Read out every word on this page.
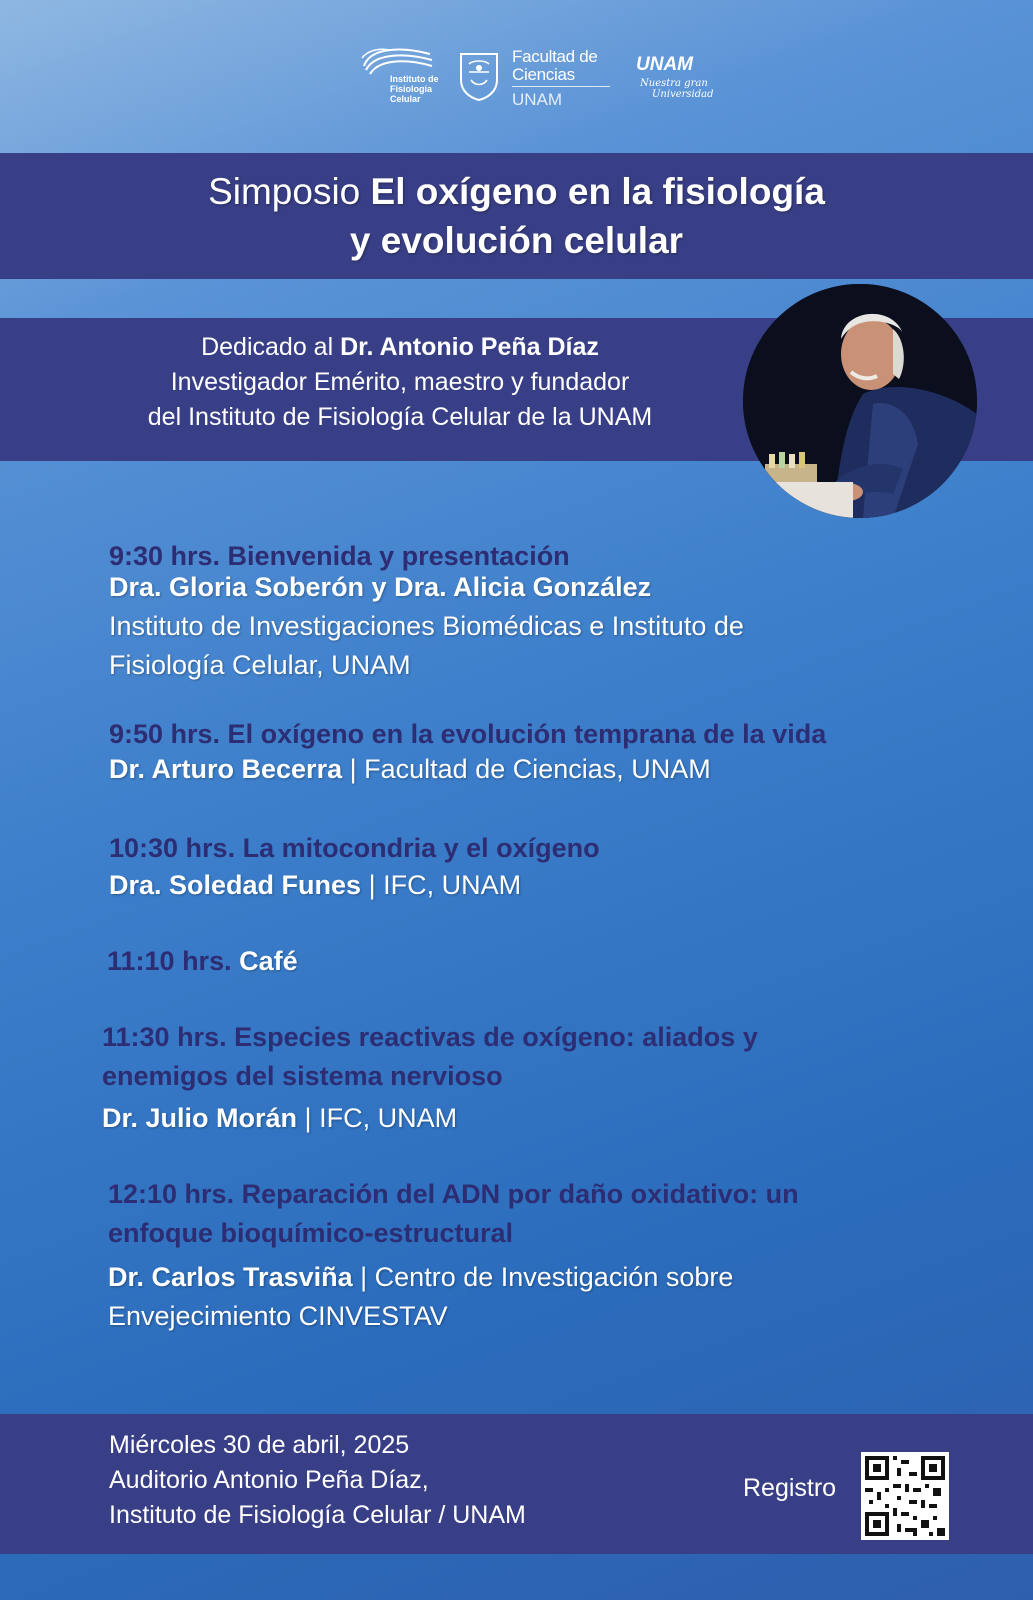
Instituto de Fisiología Celular
Facultad de
Ciencias
UNAM
UNAM
Nuestra gran
Universidad
Simposio El oxígeno en la fisiología
y evolución celular
Dedicado al Dr. Antonio Peña Díaz
Investigador Emérito, maestro y fundador
del Instituto de Fisiología Celular de la UNAM
9:30 hrs. Bienvenida y presentación
Dra. Gloria Soberón y Dra. Alicia González
Instituto de Investigaciones Biomédicas e Instituto de
Fisiología Celular, UNAM
9:50 hrs. El oxígeno en la evolución temprana de la vida
Dr. Arturo Becerra | Facultad de Ciencias, UNAM
10:30 hrs. La mitocondria y el oxígeno
Dra. Soledad Funes | IFC, UNAM
11:10 hrs. Café
11:30 hrs. Especies reactivas de oxígeno: aliados y
enemigos del sistema nervioso
Dr. Julio Morán | IFC, UNAM
12:10 hrs. Reparación del ADN por daño oxidativo: un
enfoque bioquímico-estructural
Dr. Carlos Trasviña | Centro de Investigación sobre
Envejecimiento CINVESTAV
Miércoles 30 de abril, 2025
Auditorio Antonio Peña Díaz,
Instituto de Fisiología Celular / UNAM
Registro
